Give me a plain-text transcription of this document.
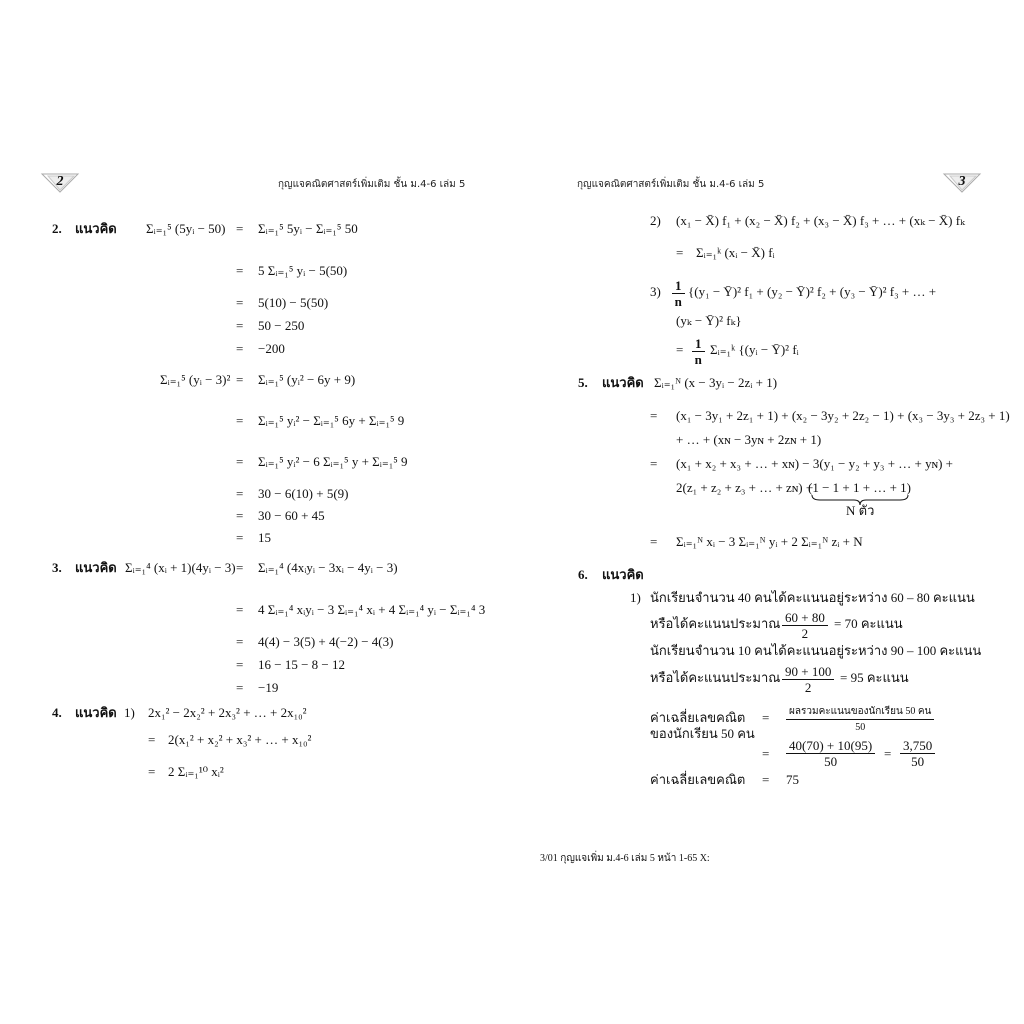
2	กุญแจคณิตศาสตร์เพิ่มเติม ชั้น ม.4-6 เล่ม 5	กุญแจคณิตศาสตร์เพิ่มเติม ชั้น ม.4-6 เล่ม 5	3
2. แนวคิด Σᵢ₌₁⁵ (5yᵢ − 50) = Σᵢ₌₁⁵ 5yᵢ − Σᵢ₌₁⁵ 50
= 5 Σᵢ₌₁⁵ yᵢ − 5(50)
= 5(10) − 5(50)
= 50 − 250
= −200
Σᵢ₌₁⁵ (yᵢ − 3)² = Σᵢ₌₁⁵ (yᵢ² − 6y + 9)
= Σᵢ₌₁⁵ yᵢ² − Σᵢ₌₁⁵ 6y + Σᵢ₌₁⁵ 9
= Σᵢ₌₁⁵ yᵢ² − 6 Σᵢ₌₁⁵ y + Σᵢ₌₁⁵ 9
= 30 − 6(10) + 5(9)
= 30 − 60 + 45
= 15
3. แนวคิด Σᵢ₌₁⁴ (xᵢ + 1)(4yᵢ − 3) = Σᵢ₌₁⁴ (4xᵢyᵢ − 3xᵢ − 4yᵢ − 3)
= 4 Σᵢ₌₁⁴ xᵢyᵢ − 3 Σᵢ₌₁⁴ xᵢ + 4 Σᵢ₌₁⁴ yᵢ − Σᵢ₌₁⁴ 3
= 4(4) − 3(5) + 4(−2) − 4(3)
= 16 − 15 − 8 − 12
= −19
4. แนวคิด 1) 2x₁² − 2x₂² + 2x₃² + … + 2x₁₀²
= 2(x₁² + x₂² + x₃² + … + x₁₀²
= 2 Σᵢ₌₁¹⁰ xᵢ²
2) (x₁ − X̄) f₁ + (x₂ − X̄) f₂ + (x₃ − X̄) f₃ + … + (xₖ − X̄) fₖ
= Σᵢ₌₁ᵏ (xᵢ − X̄) fᵢ
$3) \frac{1}{n} \{(y_1$ − Ȳ)² f₁ + (y₂ − Ȳ)² f₂ + (y₃ − Ȳ)² f₃ + … +
(yₖ − Ȳ)² fₖ}
= $\frac{1}{n}$ Σᵢ₌₁ᵏ {(yᵢ − Ȳ)² fᵢ
5. แนวคิด Σᵢ₌₁ᴺ (x − 3yᵢ − 2zᵢ + 1)
= (x₁ − 3y₁ + 2z₁ + 1) + (x₂ − 3y₂ + 2z₂ − 1) + (x₃ − 3y₃ + 2z₃ + 1)
+ … + (xɴ − 3yɴ + 2zɴ + 1)
= (x₁ + x₂ + x₃ + … + xɴ) − 3(y₁ − y₂ + y₃ + … + yɴ) +
2(z₁ + z₂ + z₃ + … + zɴ) +
(1 − 1 + 1 + … + 1)
N ตัว
= Σᵢ₌₁ᴺ xᵢ − 3 Σᵢ₌₁ᴺ yᵢ + 2 Σᵢ₌₁ᴺ zᵢ + N
6. แนวคิด
1) นักเรียนจำนวน 40 คนได้คะแนนอยู่ระหว่าง 60 – 80 คะแนน
หรือได้คะแนนประมาณ $\frac{60 + 80}{2} = 70$ คะแนน
นักเรียนจำนวน 10 คนได้คะแนนอยู่ระหว่าง 90 – 100 คะแนน
หรือได้คะแนนประมาณ $\frac{90 + 100}{2} = 95$ คะแนน
ค่าเฉลี่ยเลขคณิต
ของนักเรียน 50 คน
=	ผลรวมคะแนนของนักเรียน 50 คน
50
= $\frac{40(70) + 10(95)}{50} = \frac{3,750}{50}$
ค่าเฉลี่ยเลขคณิต = 75
3/01 กุญแจเพิ่ม ม.4-6 เล่ม 5 หน้า 1-65 X:
